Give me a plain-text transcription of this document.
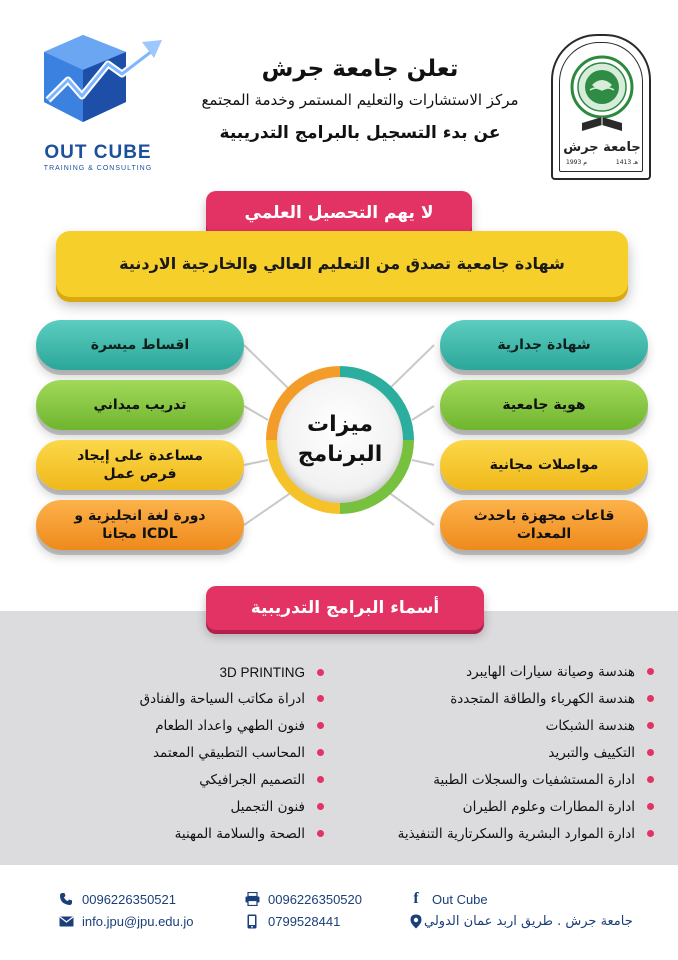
OUT CUBE
TRAINING & CONSULTING
تعلن جامعة جرش
مركز الاستشارات والتعليم المستمر وخدمة المجتمع
عن بدء التسجيل بالبرامج التدريبية
جامعة جرش
1993 م	1413 هـ
لا يهم التحصيل العلمي
شهادة جامعية تصدق من التعليم العالي والخارجية الاردنية
اقساط ميسرة
تدريب ميداني
مساعدة على إيجاد فرص عمل
دورة لغة انجليزية و ICDL مجانا
شهادة جدارية
هوية جامعية
مواصلات مجانية
قاعات مجهزة باحدث المعدات
ميزات
البرنامج
هندسة وصيانة سيارات الهايبرد
هندسة الكهرباء والطاقة المتجددة
هندسة الشبكات
التكييف والتبريد
ادارة المستشفيات والسجلات الطبية
ادارة المطارات وعلوم الطيران
ادارة الموارد البشرية والسكرتارية التنفيذية
3D PRINTING
ادراة مكاتب السياحة والفنادق
فنون الطهي واعداد الطعام
المحاسب التطبيقي المعتمد
التصميم الجرافيكي
فنون التجميل
الصحة والسلامة المهنية
أسماء البرامج التدريبية
0096226350521
info.jpu@jpu.edu.jo
0096226350520
0799528441
f	Out Cube
جامعة جرش . طريق اربد عمان الدولي
